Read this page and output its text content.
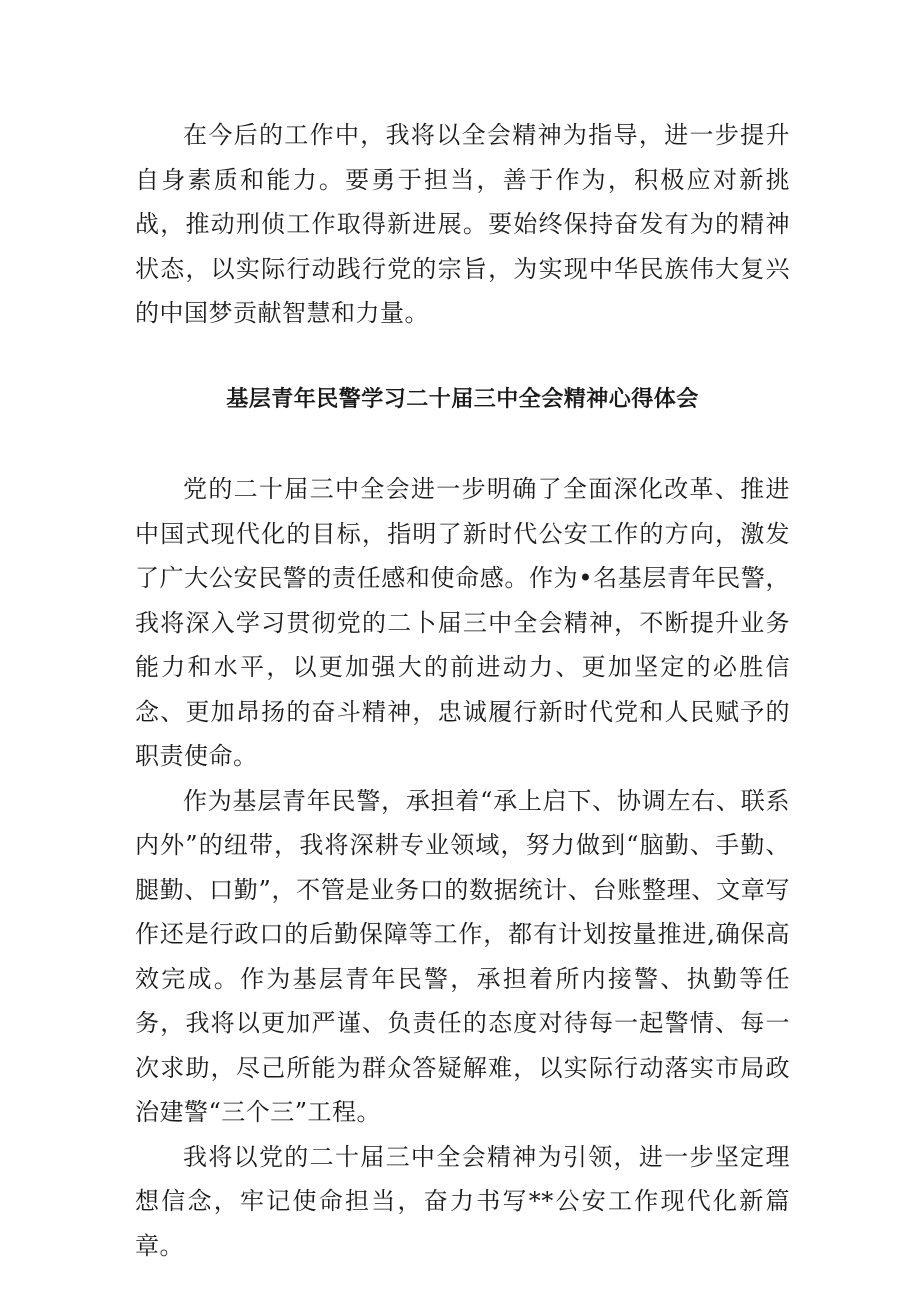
在今后的工作中，我将以全会精神为指导，进一步提升自身素质和能力。要勇于担当，善于作为，积极应对新挑战，推动刑侦工作取得新进展。要始终保持奋发有为的精神状态，以实际行动践行党的宗旨，为实现中华民族伟大复兴的中国梦贡献智慧和力量。

基层青年民警学习二十届三中全会精神心得体会

党的二十届三中全会进一步明确了全面深化改革、推进中国式现代化的目标，指明了新时代公安工作的方向，激发了广大公安民警的责任感和使命感。作为•名基层青年民警，我将深入学习贯彻党的二卜届三中全会精神，不断提升业务能力和水平，以更加强大的前进动力、更加坚定的必胜信念、更加昂扬的奋斗精神，忠诚履行新时代党和人民赋予的职责使命。

作为基层青年民警，承担着“承上启下、协调左右、联系内外”的纽带，我将深耕专业领域，努力做到“脑勤、手勤、腿勤、口勤”，不管是业务口的数据统计、台账整理、文章写作还是行政口的后勤保障等工作，都有计划按量推进,确保高效完成。作为基层青年民警，承担着所内接警、执勤等任务，我将以更加严谨、负责任的态度对待每一起警情、每一次求助，尽己所能为群众答疑解难，以实际行动落实市局政治建警“三个三”工程。

我将以党的二十届三中全会精神为引领，进一步坚定理想信念，牢记使命担当，奋力书写**公安工作现代化新篇章。
